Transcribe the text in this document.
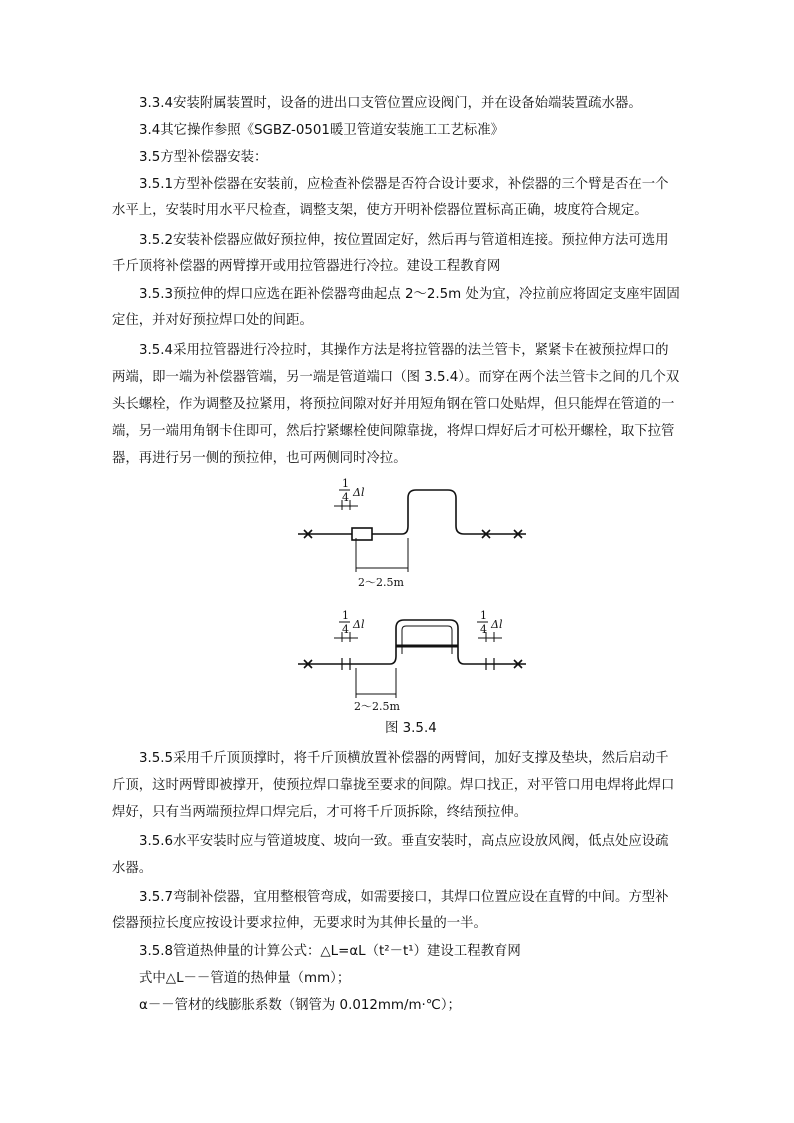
3.3.4安装附属装置时，设备的进出口支管位置应设阀门，并在设备始端装置疏水器。

3.4其它操作参照《SGBZ-0501暖卫管道安装施工工艺标准》

3.5方型补偿器安装：

3.5.1方型补偿器在安装前，应检查补偿器是否符合设计要求，补偿器的三个臂是否在一个

水平上，安装时用水平尺检查，调整支架，使方开明补偿器位置标高正确，坡度符合规定。

3.5.2安装补偿器应做好预拉伸，按位置固定好，然后再与管道相连接。预拉伸方法可选用

千斤顶将补偿器的两臂撑开或用拉管器进行冷拉。建设工程教育网

3.5.3预拉伸的焊口应选在距补偿器弯曲起点 2～2.5m 处为宜，冷拉前应将固定支座牢固固

定住，并对好预拉焊口处的间距。

3.5.4采用拉管器进行冷拉时，其操作方法是将拉管器的法兰管卡，紧紧卡在被预拉焊口的

两端，即一端为补偿器管端，另一端是管道端口（图 3.5.4）。而穿在两个法兰管卡之间的几个双

头长螺栓，作为调整及拉紧用，将预拉间隙对好并用短角钢在管口处贴焊，但只能焊在管道的一

端，另一端用角钢卡住即可，然后拧紧螺栓使间隙靠拢，将焊口焊好后才可松开螺栓，取下拉管

器，再进行另一侧的预拉伸，也可两侧同时冷拉。

1
4 Δl
2～2.5m
1
4 Δl
1
4 Δl
2～2.5m
图 3.5.4

3.5.5采用千斤顶顶撑时，将千斤顶横放置补偿器的两臂间，加好支撑及垫块，然后启动千

斤顶，这时两臂即被撑开，使预拉焊口靠拢至要求的间隙。焊口找正，对平管口用电焊将此焊口

焊好，只有当两端预拉焊口焊完后，才可将千斤顶拆除，终结预拉伸。

3.5.6水平安装时应与管道坡度、坡向一致。垂直安装时，高点应设放风阀，低点处应设疏

水器。

3.5.7弯制补偿器，宜用整根管弯成，如需要接口，其焊口位置应设在直臂的中间。方型补

偿器预拉长度应按设计要求拉伸，无要求时为其伸长量的一半。

3.5.8管道热伸量的计算公式：△L=αL（t²－t¹）建设工程教育网

式中△L－－管道的热伸量（mm）；

α－－管材的线膨胀系数（钢管为 0.012mm/m·℃）；
